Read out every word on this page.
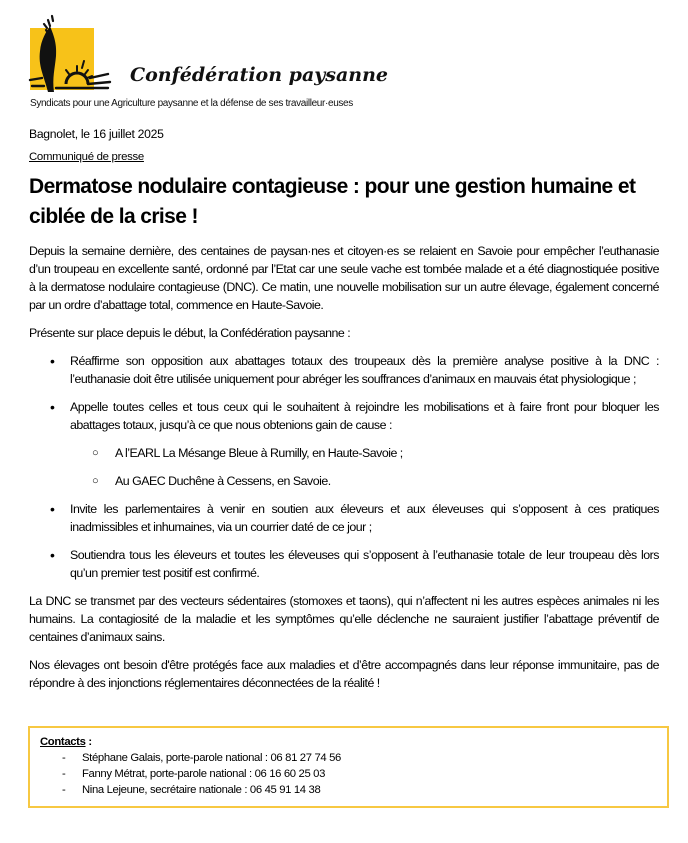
Confédération paysanne
Syndicats pour une Agriculture paysanne et la défense de ses travailleur·euses
Bagnolet, le 16 juillet 2025
Communiqué de presse
Dermatose nodulaire contagieuse : pour une gestion humaine et ciblée de la crise !

Depuis la semaine dernière, des centaines de paysan·nes et citoyen·es se relaient en Savoie pour empêcher l’euthanasie d’un troupeau en excellente santé, ordonné par l’Etat car une seule vache est tombée malade et a été diagnostiquée positive à la dermatose nodulaire contagieuse (DNC). Ce matin, une nouvelle mobilisation sur un autre élevage, également concerné par un ordre d’abattage total, commence en Haute-Savoie.

Présente sur place depuis le début, la Confédération paysanne :

•	Réaffirme son opposition aux abattages totaux des troupeaux dès la première analyse positive à la DNC : l’euthanasie doit être utilisée uniquement pour abréger les souffrances d’animaux en mauvais état physiologique ;
•	Appelle toutes celles et tous ceux qui le souhaitent à rejoindre les mobilisations et à faire front pour bloquer les abattages totaux, jusqu’à ce que nous obtenions gain de cause :
○	A l’EARL La Mésange Bleue à Rumilly, en Haute-Savoie ;
○	Au GAEC Duchêne à Cessens, en Savoie.
•	Invite les parlementaires à venir en soutien aux éleveurs et aux éleveuses qui s’opposent à ces pratiques inadmissibles et inhumaines, via un courrier daté de ce jour ;
•	Soutiendra tous les éleveurs et toutes les éleveuses qui s’opposent à l’euthanasie totale de leur troupeau dès lors qu’un premier test positif est confirmé.

La DNC se transmet par des vecteurs sédentaires (stomoxes et taons), qui n’affectent ni les autres espèces animales ni les humains. La contagiosité de la maladie et les symptômes qu’elle déclenche ne sauraient justifier l’abattage préventif de centaines d’animaux sains.

Nos élevages ont besoin d'être protégés face aux maladies et d’être accompagnés dans leur réponse immunitaire, pas de répondre à des injonctions réglementaires déconnectées de la réalité !

Contacts :
-	Stéphane Galais, porte-parole national : 06 81 27 74 56
-	Fanny Métrat, porte-parole national : 06 16 60 25 03
-	Nina Lejeune, secrétaire nationale : 06 45 91 14 38
